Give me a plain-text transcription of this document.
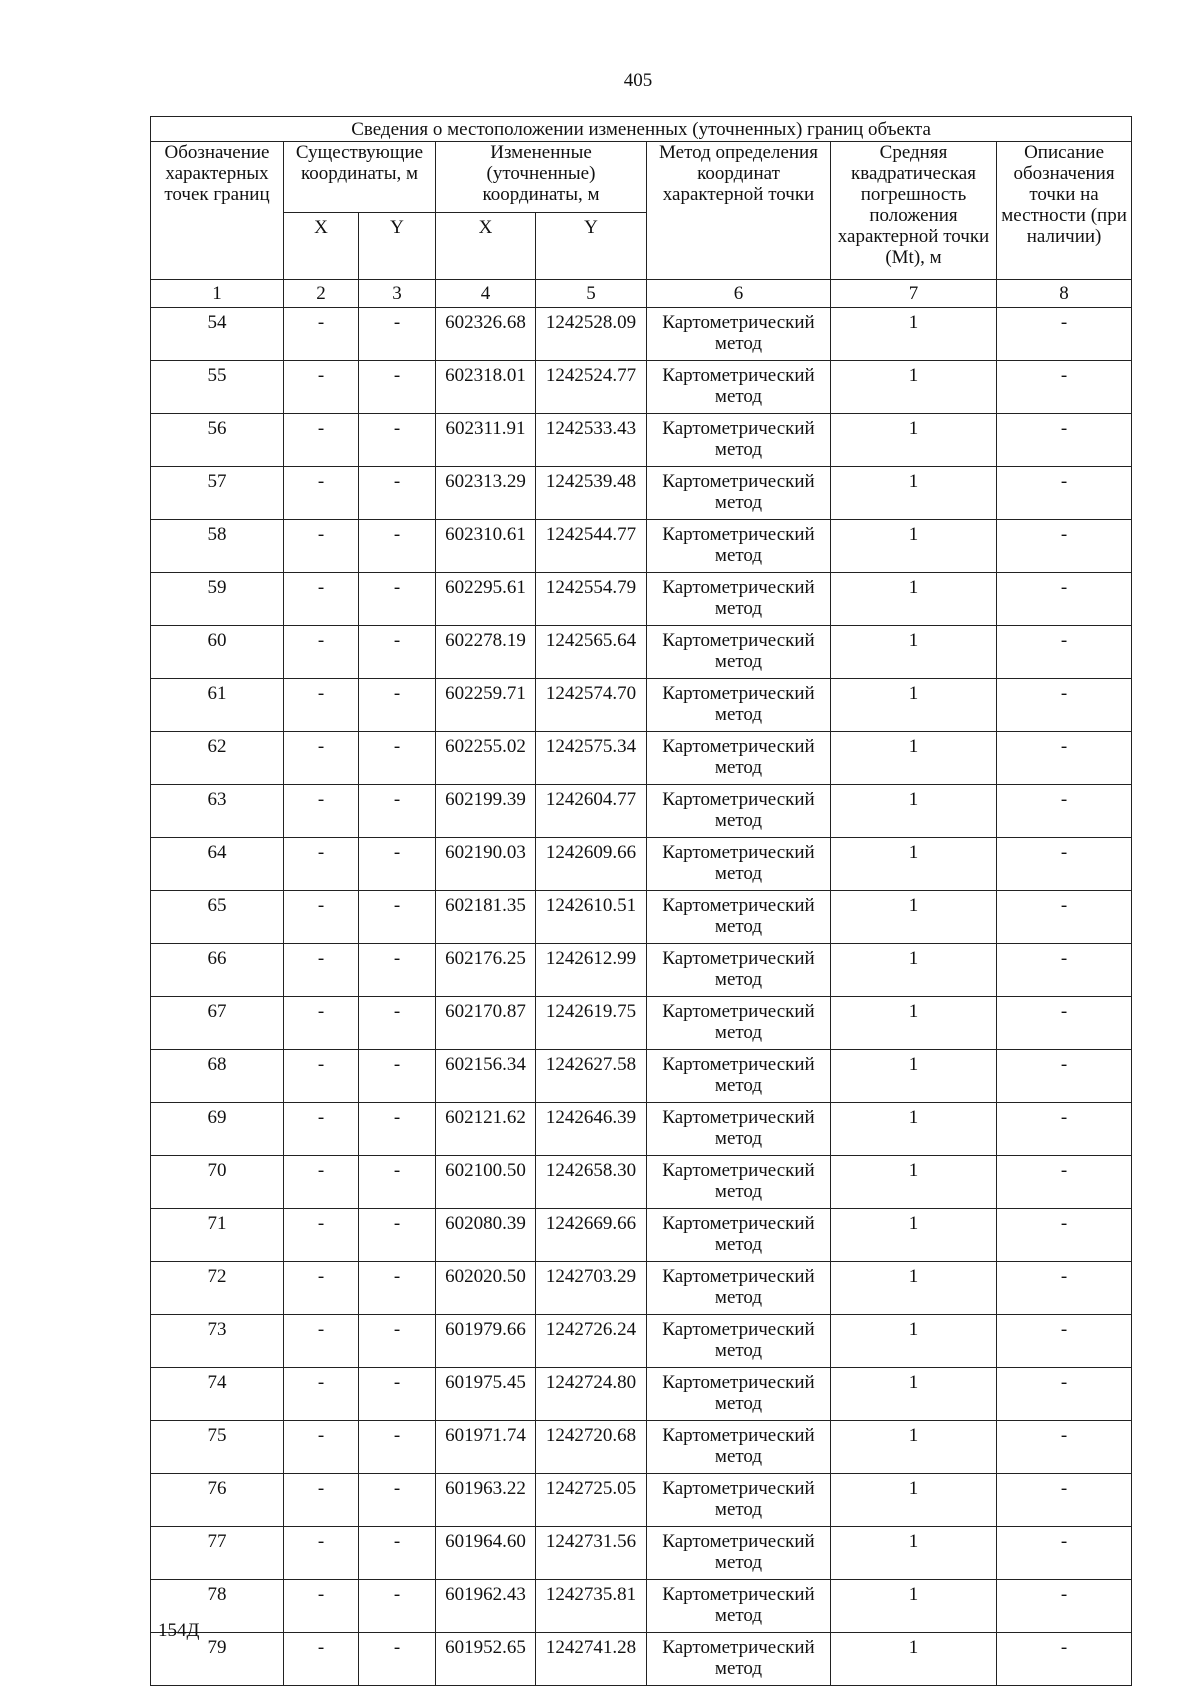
405
Сведения о местоположении измененных (уточненных) границ объекта							
Обозначение характерных точек границ	Существующие координаты, м		Измененные (уточненные) координаты, м		Метод определения координат характерной точки	Средняя квадратическая погрешность положения характерной точки (Mt), м	Описание обозначения точки на местности (при наличии)
	X	Y	X	Y			
1	2	3	4	5	6	7	8
54	-	-	602326.68	1242528.09	Картометрический метод	1	-
55	-	-	602318.01	1242524.77	Картометрический метод	1	-
56	-	-	602311.91	1242533.43	Картометрический метод	1	-
57	-	-	602313.29	1242539.48	Картометрический метод	1	-
58	-	-	602310.61	1242544.77	Картометрический метод	1	-
59	-	-	602295.61	1242554.79	Картометрический метод	1	-
60	-	-	602278.19	1242565.64	Картометрический метод	1	-
61	-	-	602259.71	1242574.70	Картометрический метод	1	-
62	-	-	602255.02	1242575.34	Картометрический метод	1	-
63	-	-	602199.39	1242604.77	Картометрический метод	1	-
64	-	-	602190.03	1242609.66	Картометрический метод	1	-
65	-	-	602181.35	1242610.51	Картометрический метод	1	-
66	-	-	602176.25	1242612.99	Картометрический метод	1	-
67	-	-	602170.87	1242619.75	Картометрический метод	1	-
68	-	-	602156.34	1242627.58	Картометрический метод	1	-
69	-	-	602121.62	1242646.39	Картометрический метод	1	-
70	-	-	602100.50	1242658.30	Картометрический метод	1	-
71	-	-	602080.39	1242669.66	Картометрический метод	1	-
72	-	-	602020.50	1242703.29	Картометрический метод	1	-
73	-	-	601979.66	1242726.24	Картометрический метод	1	-
74	-	-	601975.45	1242724.80	Картометрический метод	1	-
75	-	-	601971.74	1242720.68	Картометрический метод	1	-
76	-	-	601963.22	1242725.05	Картометрический метод	1	-
77	-	-	601964.60	1242731.56	Картометрический метод	1	-
78	-	-	601962.43	1242735.81	Картометрический метод	1	-
79	-	-	601952.65	1242741.28	Картометрический метод	1	-
154Д
